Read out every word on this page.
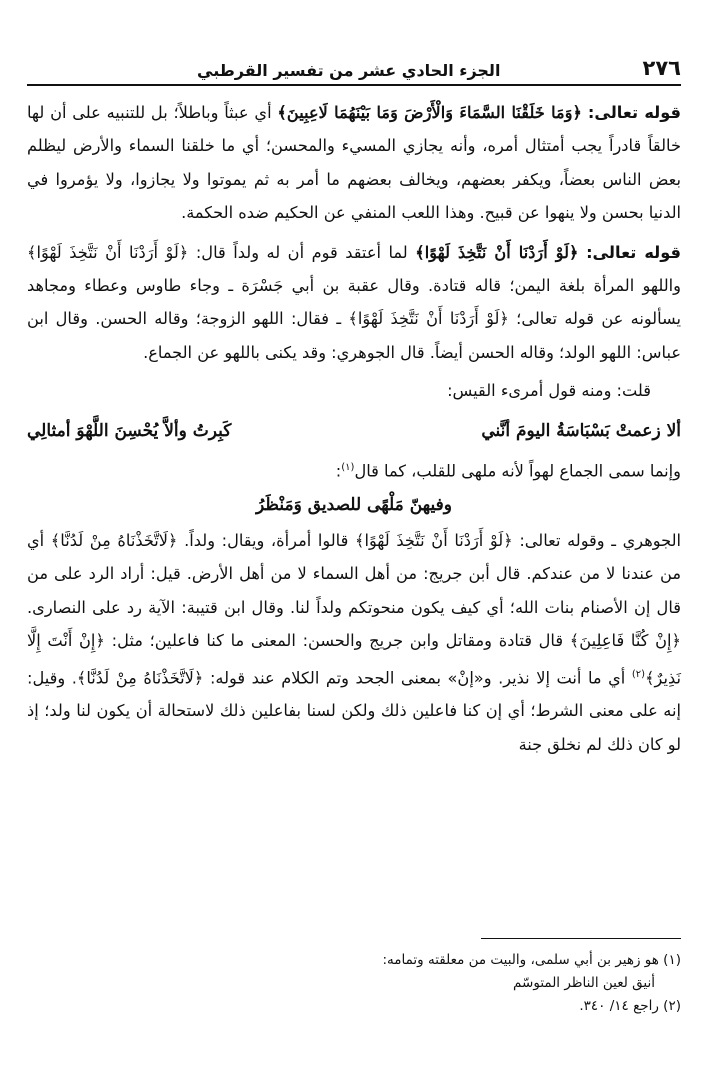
٢٧٦
الجزء الحادي عشر من تفسير القرطبي

قوله تعالى: ﴿وَمَا خَلَقْنَا السَّمَاءَ وَالْأَرْضَ وَمَا بَيْنَهُمَا لَاعِبِينَ﴾ أي عبثاً وباطلاً؛ بل للتنبيه على أن لها خالقاً قادراً يجب أمتثال أمره، وأنه يجازي المسيء والمحسن؛ أي ما خلقنا السماء والأرض ليظلم بعض الناس بعضاً، ويكفر بعضهم، ويخالف بعضهم ما أمر به ثم يموتوا ولا يجازوا، ولا يؤمروا في الدنيا بحسن ولا ينهوا عن قبيح. وهذا اللعب المنفي عن الحكيم ضده الحكمة.

قوله تعالى: ﴿لَوْ أَرَدْنَا أَنْ نَتَّخِذَ لَهْوًا﴾ لما أعتقد قوم أن له ولداً قال: ﴿لَوْ أَرَدْنَا أَنْ نَتَّخِذَ لَهْوًا﴾ واللهو المرأة بلغة اليمن؛ قاله قتادة. وقال عقبة بن أبي جَسْرَة ـ وجاء طاوس وعطاء ومجاهد يسألونه عن قوله تعالى؛ ﴿لَوْ أَرَدْنَا أَنْ نَتَّخِذَ لَهْوًا﴾ ـ فقال: اللهو الزوجة؛ وقاله الحسن. وقال ابن عباس: اللهو الولد؛ وقاله الحسن أيضاً. قال الجوهري: وقد يكنى باللهو عن الجماع.

قلت: ومنه قول أمرىء القيس:
ألا زعمتْ بَسْبَاسَةُ اليومَ أنَّني
كَبِرتُ وألاَّ يُحْسِنَ اللَّهْوَ أمثالِي

وإنما سمى الجماع لهواً لأنه ملهى للقلب، كما قال$^{(١)}$:

وفيهنّ مَلْهًى للصديق وَمَنْظَرُ

الجوهري ـ وقوله تعالى: ﴿لَوْ أَرَدْنَا أَنْ نَتَّخِذَ لَهْوًا﴾ قالوا أمرأة، ويقال: ولداً. ﴿لَاتَّخَذْنَاهُ مِنْ لَدُنَّا﴾ أي من عندنا لا من عندكم. قال أبن جريج: من أهل السماء لا من أهل الأرض. قيل: أراد الرد على من قال إن الأصنام بنات الله؛ أي كيف يكون منحوتكم ولداً لنا. وقال ابن قتيبة: الآية رد على النصارى. ﴿إِنْ كُنَّا فَاعِلِينَ﴾ قال قتادة ومقاتل وابن جريج والحسن: المعنى ما كنا فاعلين؛ مثل: ﴿إِنْ أَنْتَ إِلَّا نَذِيرٌ﴾$^{(٢)}$ أي ما أنت إلا نذير. و«إنْ» بمعنى الجحد وتم الكلام عند قوله: ﴿لَاتَّخَذْنَاهُ مِنْ لَدُنَّا﴾. وقيل: إنه على معنى الشرط؛ أي إن كنا فاعلين ذلك ولكن لسنا بفاعلين ذلك لاستحالة أن يكون لنا ولد؛ إذ لو كان ذلك لم نخلق جنة

(١) هو زهير بن أبي سلمى، والبيت من معلقته وتمامه:

أنيق لعين الناظر المتوسّم

(٢) راجع ١٤/ ٣٤٠.
